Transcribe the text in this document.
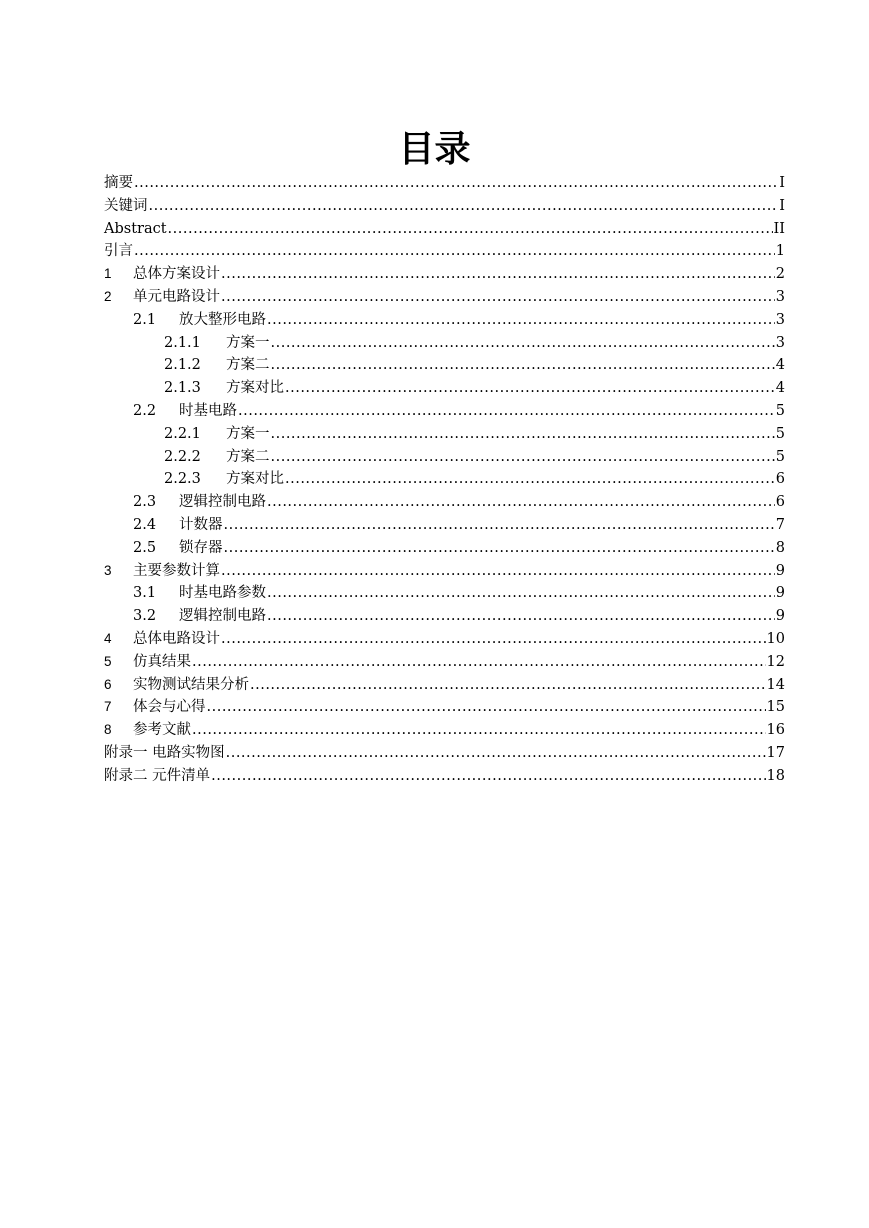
目录
摘要 .....	I
关键词 .....	I
Abstract .....	II
引言 .....	1
1	总体方案设计 .....	2
2	单元电路设计 .....	3
2.1	放大整形电路 .....	3
2.1.1	方案一 .....	3
2.1.2	方案二 .....	4
2.1.3	方案对比 .....	4
2.2	时基电路 .....	5
2.2.1	方案一 .....	5
2.2.2	方案二 .....	5
2.2.3	方案对比 .....	6
2.3	逻辑控制电路 .....	6
2.4	计数器 .....	7
2.5	锁存器 .....	8
3	主要参数计算 .....	9
3.1	时基电路参数 .....	9
3.2	逻辑控制电路 .....	9
4	总体电路设计 .....	10
5	仿真结果 .....	12
6	实物测试结果分析 .....	14
7	体会与心得 .....	15
8	参考文献 .....	16
附录一 电路实物图 .....	17
附录二 元件清单 .....	18
